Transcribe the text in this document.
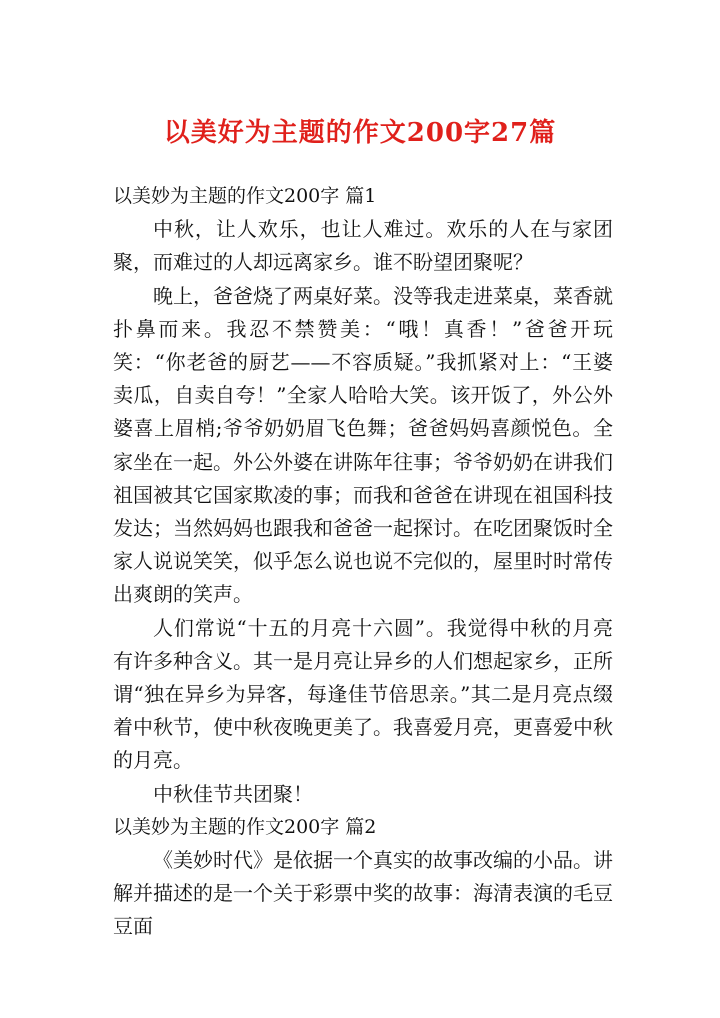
以美好为主题的作文200字27篇
以美妙为主题的作文200字 篇1

中秋，让人欢乐，也让人难过。欢乐的人在与家团聚，而难过的人却远离家乡。谁不盼望团聚呢？

晚上，爸爸烧了两桌好菜。没等我走进菜桌，菜香就扑鼻而来。我忍不禁赞美：“哦！真香！”爸爸开玩笑：“你老爸的厨艺——不容质疑。”我抓紧对上：“王婆卖瓜，自卖自夸！”全家人哈哈大笑。该开饭了，外公外婆喜上眉梢;爷爷奶奶眉飞色舞；爸爸妈妈喜颜悦色。全家坐在一起。外公外婆在讲陈年往事；爷爷奶奶在讲我们祖国被其它国家欺凌的事；而我和爸爸在讲现在祖国科技发达；当然妈妈也跟我和爸爸一起探讨。在吃团聚饭时全家人说说笑笑，似乎怎么说也说不完似的，屋里时时常传出爽朗的笑声。

人们常说“十五的月亮十六圆”。我觉得中秋的月亮有许多种含义。其一是月亮让异乡的人们想起家乡，正所谓“独在异乡为异客，每逢佳节倍思亲。”其二是月亮点缀着中秋节，使中秋夜晚更美了。我喜爱月亮，更喜爱中秋的月亮。

中秋佳节共团聚！

以美妙为主题的作文200字 篇2

《美妙时代》是依据一个真实的故事改编的小品。讲解并描述的是一个关于彩票中奖的故事：海清表演的毛豆豆面
